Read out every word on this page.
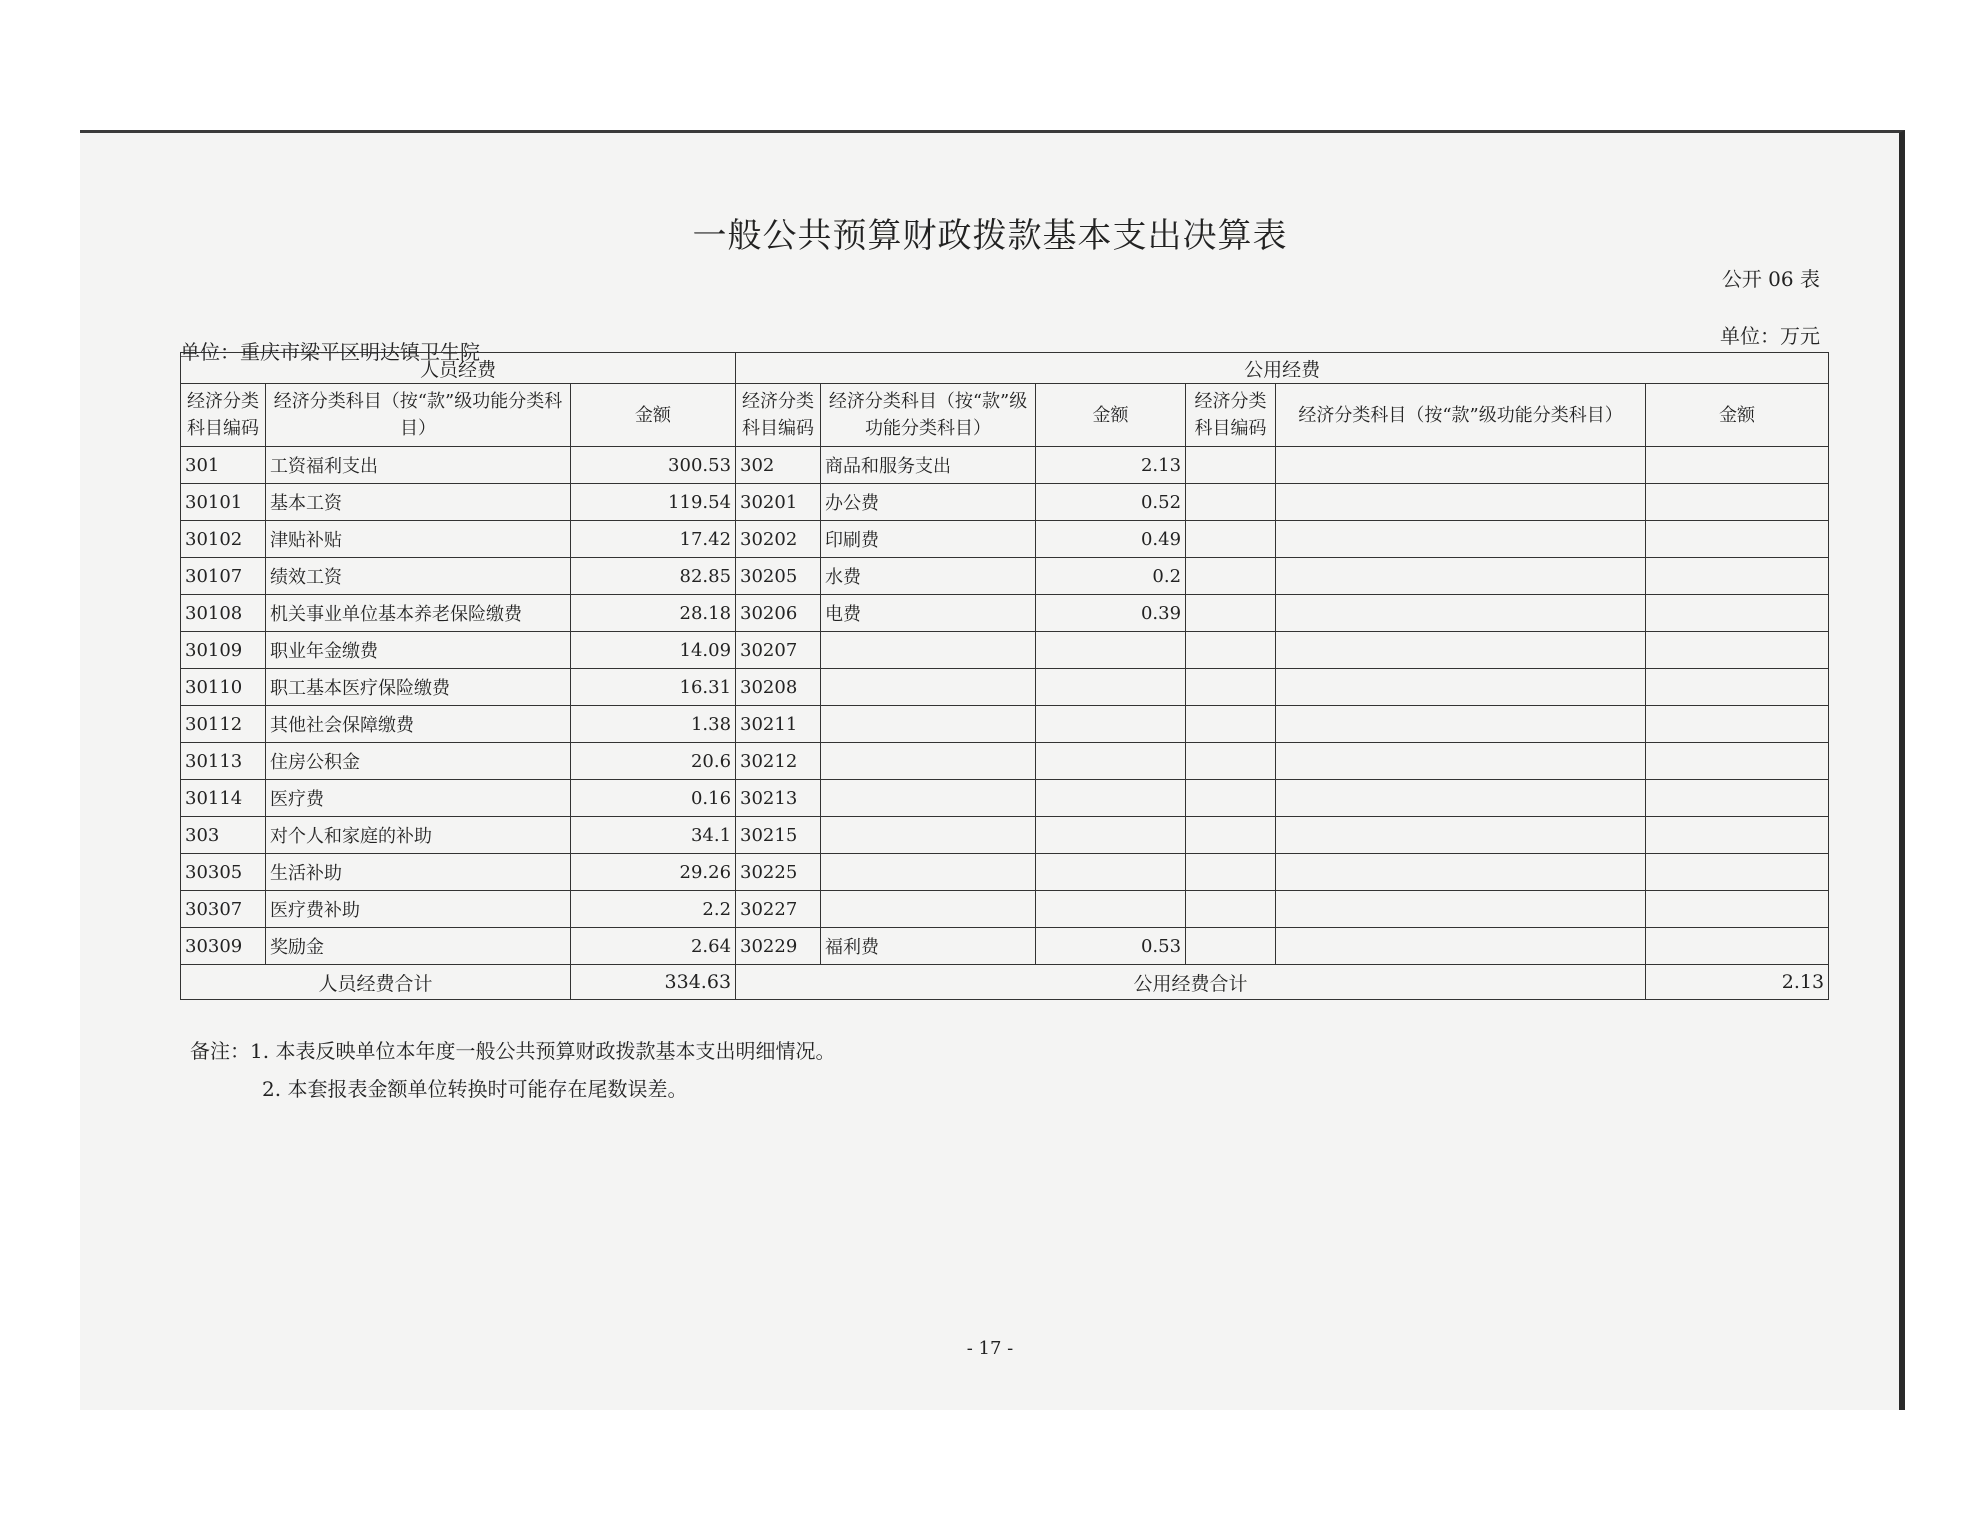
一般公共预算财政拨款基本支出决算表
公开 06 表
单位：万元
单位：重庆市梁平区明达镇卫生院
人员经费			公用经费					
经济分类科目编码	经济分类科目（按“款”级功能分类科目）	金额	经济分类科目编码	经济分类科目（按“款”级功能分类科目）	金额	经济分类科目编码	经济分类科目（按“款”级功能分类科目）	金额
301	工资福利支出	300.53	302	商品和服务支出	2.13			
30101	基本工资	119.54	30201	办公费	0.52			
30102	津贴补贴	17.42	30202	印刷费	0.49			
30107	绩效工资	82.85	30205	水费	0.2			
30108	机关事业单位基本养老保险缴费	28.18	30206	电费	0.39			
30109	职业年金缴费	14.09	30207					
30110	职工基本医疗保险缴费	16.31	30208					
30112	其他社会保障缴费	1.38	30211					
30113	住房公积金	20.6	30212					
30114	医疗费	0.16	30213					
303	对个人和家庭的补助	34.1	30215					
30305	生活补助	29.26	30225					
30307	医疗费补助	2.2	30227					
30309	奖励金	2.64	30229	福利费	0.53			
人员经费合计		334.63	公用经费合计					2.13
备注：1. 本表反映单位本年度一般公共预算财政拨款基本支出明细情况。
2. 本套报表金额单位转换时可能存在尾数误差。
- 17 -
